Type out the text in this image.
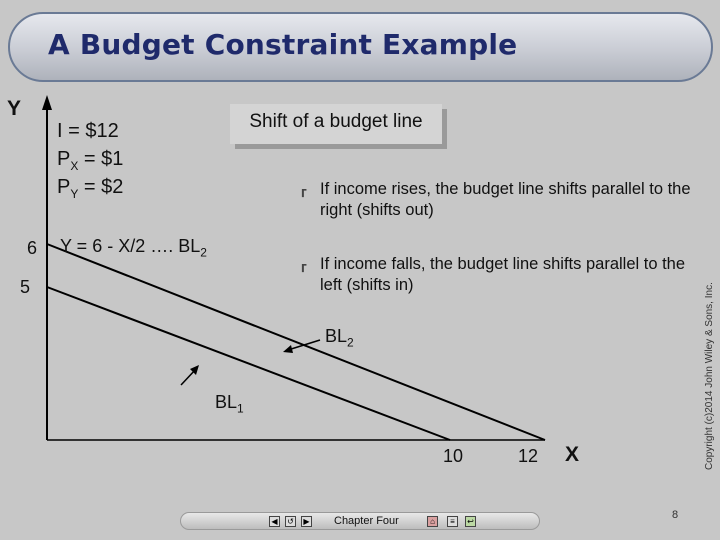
A Budget Constraint Example
⸢
⸢
Y
X
6
5
10	12
I = $12
$P_X$ = $1
$P_Y$ = $2
Y = 6 - X/2 …. $BL_2$
Shift of a budget line
If income rises, the budget line shifts parallel to the right (shifts out)
If income falls, the budget line shifts parallel to the left (shifts in)
$BL_2$
$BL_1$	Copyright (c)2014 John Wiley & Sons, Inc.
◀	↺	▶ Chapter Four	⌂	≡	↩
8
